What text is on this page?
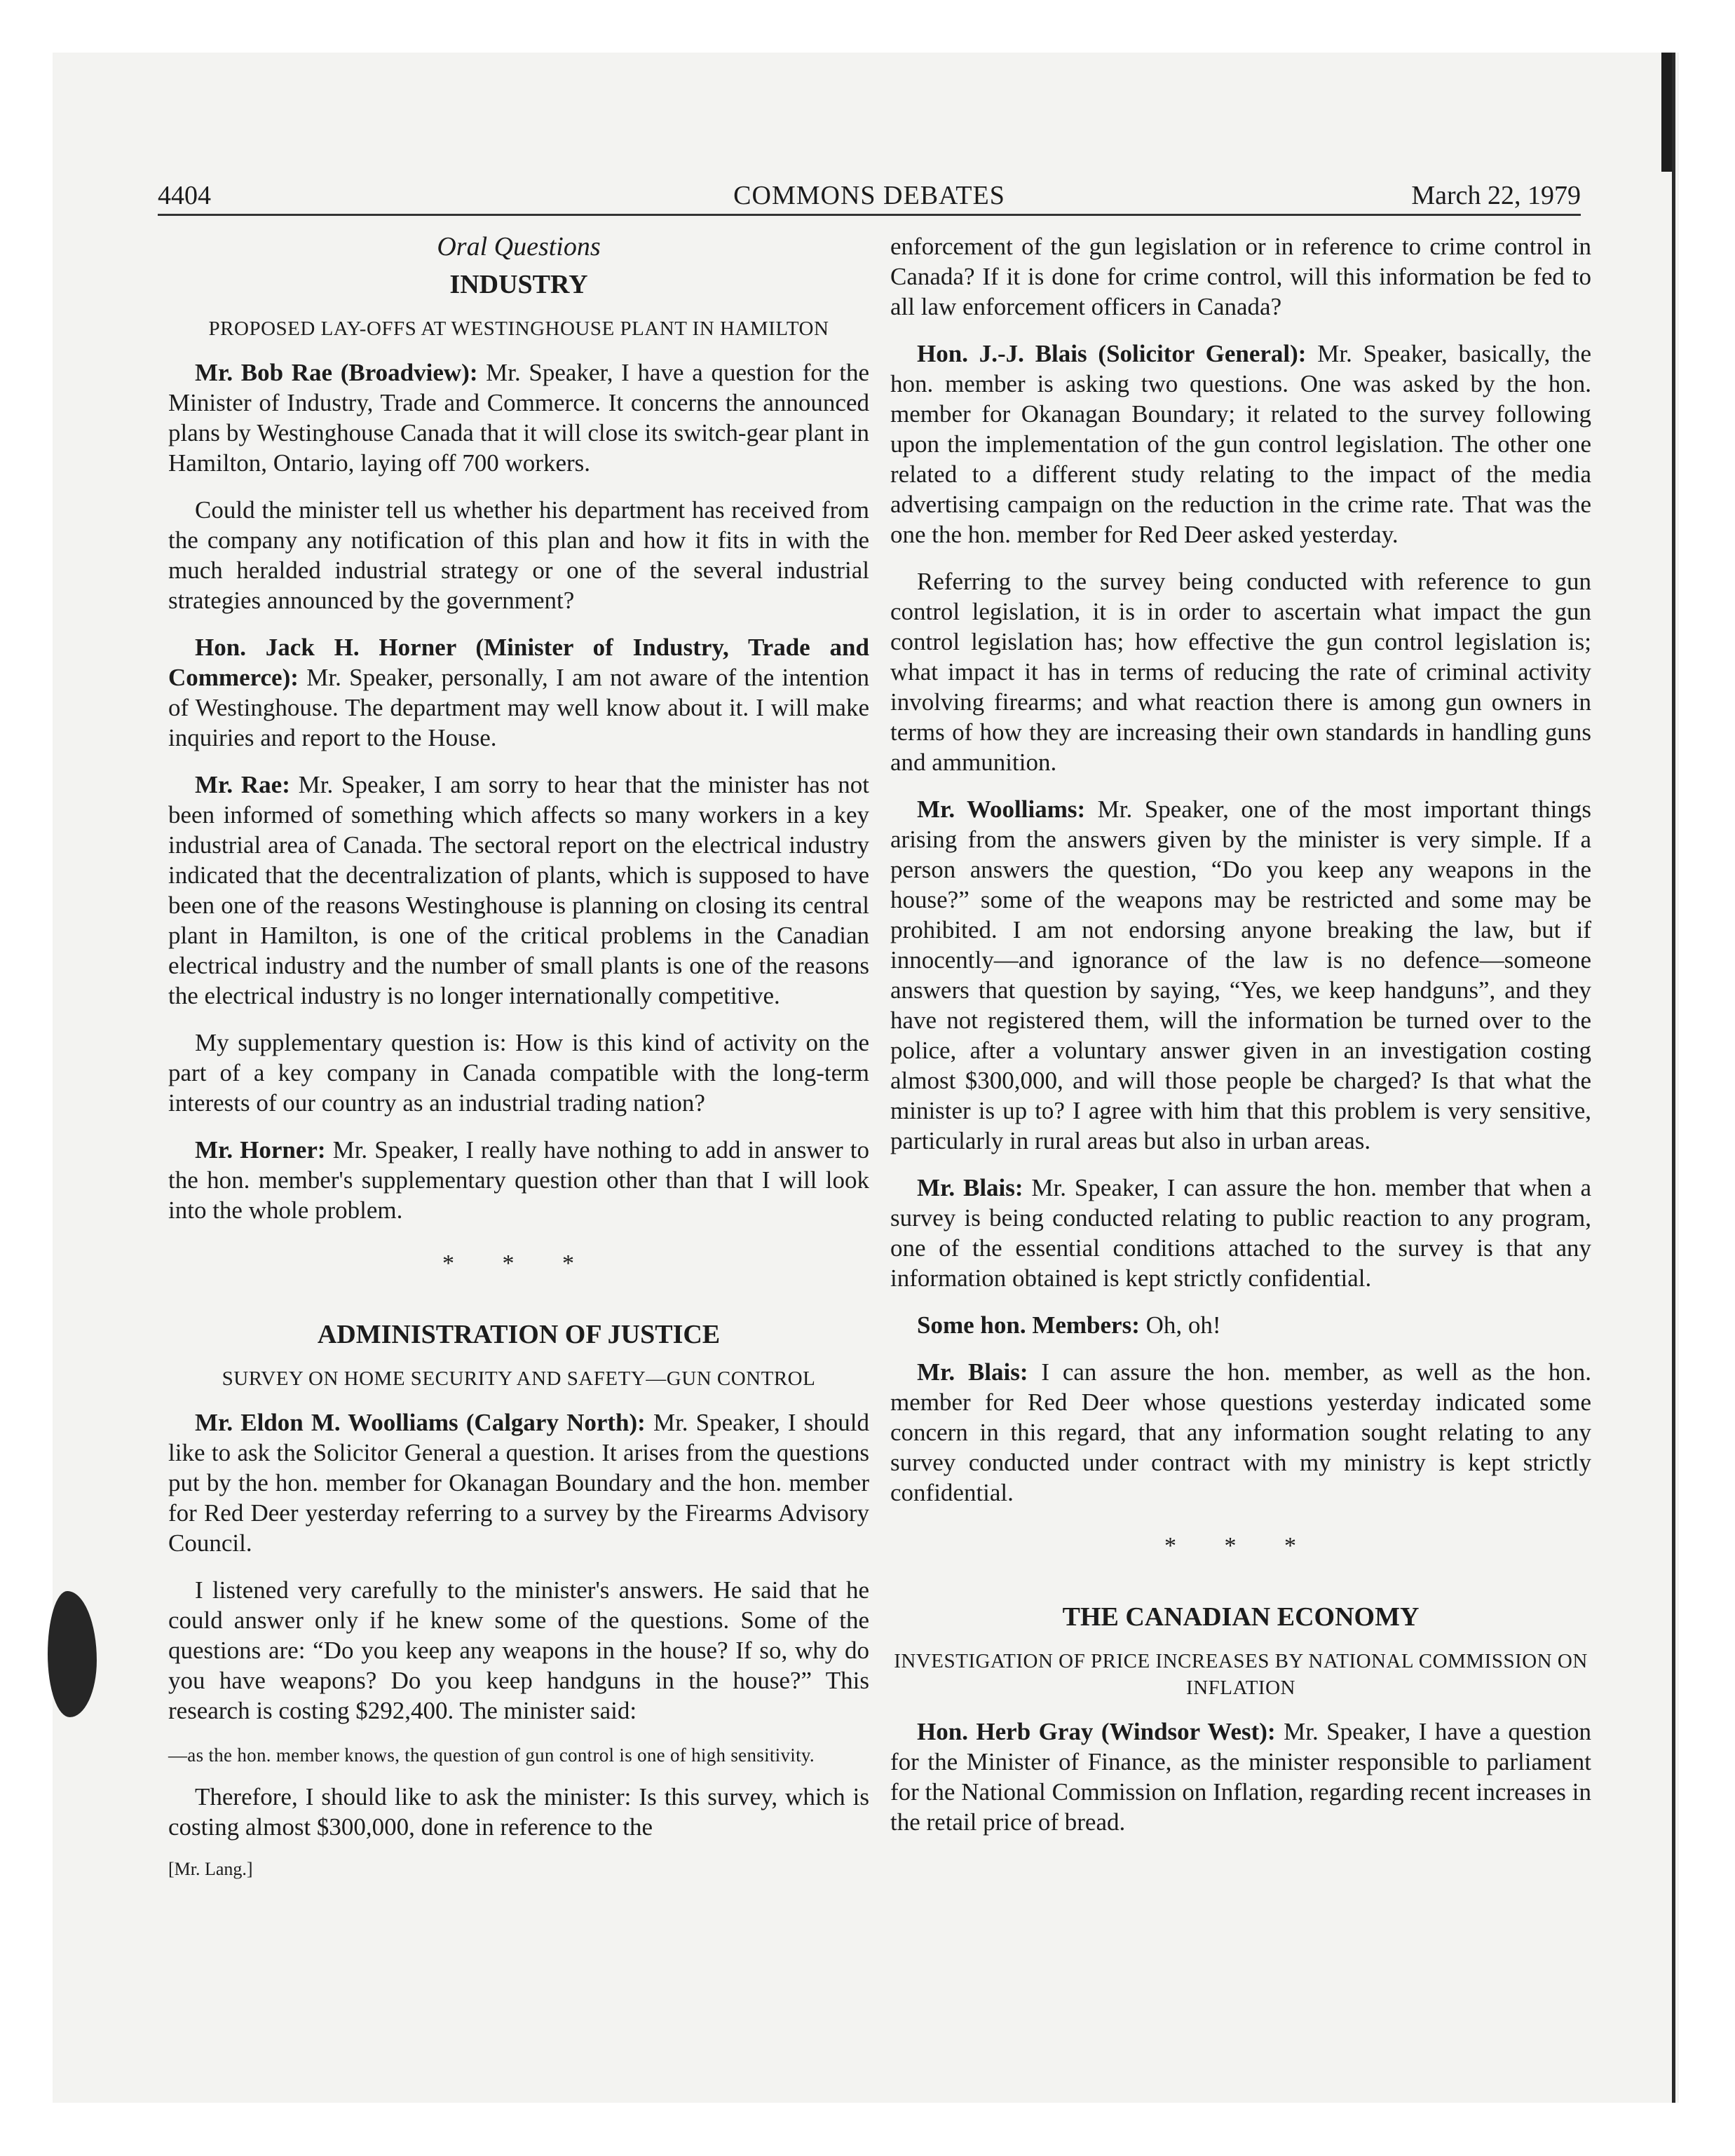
4404	COMMONS DEBATES	March 22, 1979
Oral Questions
INDUSTRY
PROPOSED LAY-OFFS AT WESTINGHOUSE PLANT IN HAMILTON

Mr. Bob Rae (Broadview): Mr. Speaker, I have a question for the Minister of Industry, Trade and Commerce. It concerns the announced plans by Westinghouse Canada that it will close its switch-gear plant in Hamilton, Ontario, laying off 700 workers.

Could the minister tell us whether his department has received from the company any notification of this plan and how it fits in with the much heralded industrial strategy or one of the several industrial strategies announced by the government?

Hon. Jack H. Horner (Minister of Industry, Trade and Commerce): Mr. Speaker, personally, I am not aware of the intention of Westinghouse. The department may well know about it. I will make inquiries and report to the House.

Mr. Rae: Mr. Speaker, I am sorry to hear that the minister has not been informed of something which affects so many workers in a key industrial area of Canada. The sectoral report on the electrical industry indicated that the decentralization of plants, which is supposed to have been one of the reasons Westinghouse is planning on closing its central plant in Hamilton, is one of the critical problems in the Canadian electrical industry and the number of small plants is one of the reasons the electrical industry is no longer internationally competitive.

My supplementary question is: How is this kind of activity on the part of a key company in Canada compatible with the long-term interests of our country as an industrial trading nation?

Mr. Horner: Mr. Speaker, I really have nothing to add in answer to the hon. member's supplementary question other than that I will look into the whole problem.

* * *
ADMINISTRATION OF JUSTICE
SURVEY ON HOME SECURITY AND SAFETY—GUN CONTROL

Mr. Eldon M. Woolliams (Calgary North): Mr. Speaker, I should like to ask the Solicitor General a question. It arises from the questions put by the hon. member for Okanagan Boundary and the hon. member for Red Deer yesterday referring to a survey by the Firearms Advisory Council.

I listened very carefully to the minister's answers. He said that he could answer only if he knew some of the questions. Some of the questions are: “Do you keep any weapons in the house? If so, why do you have weapons? Do you keep handguns in the house?” This research is costing $292,400. The minister said:

—as the hon. member knows, the question of gun control is one of high sensitivity.

Therefore, I should like to ask the minister: Is this survey, which is costing almost $300,000, done in reference to the

[Mr. Lang.]

enforcement of the gun legislation or in reference to crime control in Canada? If it is done for crime control, will this information be fed to all law enforcement officers in Canada?

Hon. J.-J. Blais (Solicitor General): Mr. Speaker, basically, the hon. member is asking two questions. One was asked by the hon. member for Okanagan Boundary; it related to the survey following upon the implementation of the gun control legislation. The other one related to a different study relating to the impact of the media advertising campaign on the reduction in the crime rate. That was the one the hon. member for Red Deer asked yesterday.

Referring to the survey being conducted with reference to gun control legislation, it is in order to ascertain what impact the gun control legislation has; how effective the gun control legislation is; what impact it has in terms of reducing the rate of criminal activity involving firearms; and what reaction there is among gun owners in terms of how they are increasing their own standards in handling guns and ammunition.

Mr. Woolliams: Mr. Speaker, one of the most important things arising from the answers given by the minister is very simple. If a person answers the question, “Do you keep any weapons in the house?” some of the weapons may be restricted and some may be prohibited. I am not endorsing anyone breaking the law, but if innocently—and ignorance of the law is no defence—someone answers that question by saying, “Yes, we keep handguns”, and they have not registered them, will the information be turned over to the police, after a voluntary answer given in an investigation costing almost $300,000, and will those people be charged? Is that what the minister is up to? I agree with him that this problem is very sensitive, particularly in rural areas but also in urban areas.

Mr. Blais: Mr. Speaker, I can assure the hon. member that when a survey is being conducted relating to public reaction to any program, one of the essential conditions attached to the survey is that any information obtained is kept strictly confidential.

Some hon. Members: Oh, oh!

Mr. Blais: I can assure the hon. member, as well as the hon. member for Red Deer whose questions yesterday indicated some concern in this regard, that any information sought relating to any survey conducted under contract with my ministry is kept strictly confidential.

* * *
THE CANADIAN ECONOMY
INVESTIGATION OF PRICE INCREASES BY NATIONAL COMMISSION ON INFLATION

Hon. Herb Gray (Windsor West): Mr. Speaker, I have a question for the Minister of Finance, as the minister responsible to parliament for the National Commission on Inflation, regarding recent increases in the retail price of bread.
